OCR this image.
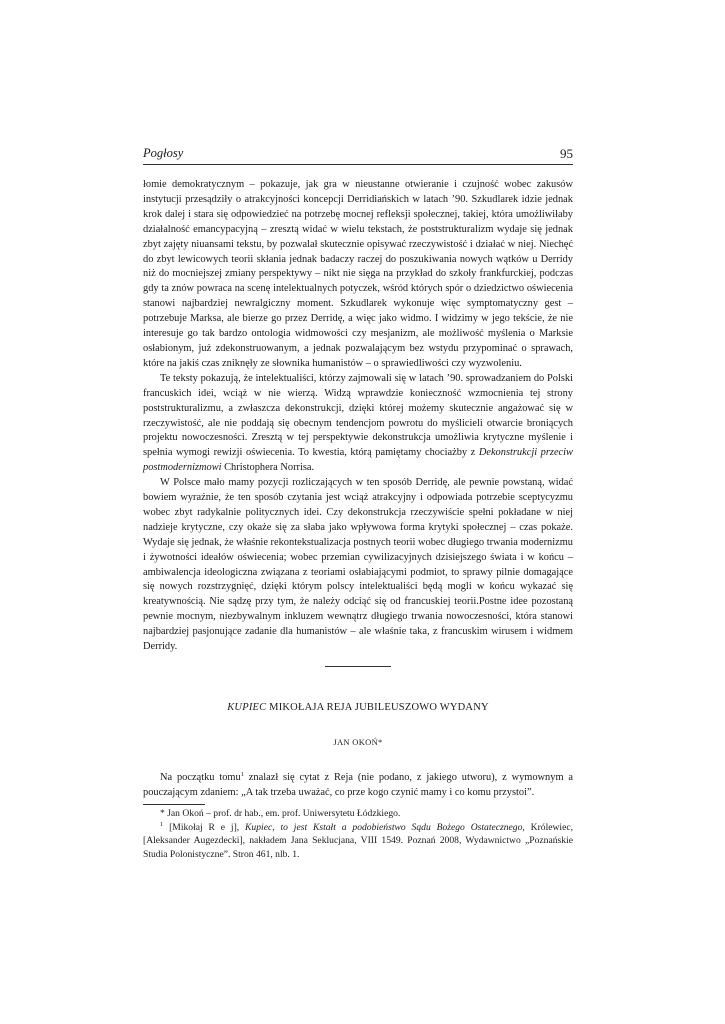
Pogłosy	95

łomie demokratycznym – pokazuje, jak gra w nieustanne otwieranie i czujność wobec zakusów instytucji przesądziły o atrakcyjności koncepcji Derridiańskich w latach ’90. Szkudlarek idzie jednak krok dalej i stara się odpowiedzieć na potrzebę mocnej refleksji społecznej, takiej, która umożliwiłaby działalność emancypacyjną – zresztą widać w wielu tekstach, że poststrukturalizm wydaje się jednak zbyt zajęty niuansami tekstu, by pozwalał skutecznie opisywać rzeczywistość i działać w niej. Niechęć do zbyt lewicowych teorii skłania jednak badaczy raczej do poszukiwania nowych wątków u Derridy niż do mocniejszej zmiany perspektywy – nikt nie sięga na przykład do szkoły frankfurckiej, podczas gdy ta znów powraca na scenę intelektualnych potyczek, wśród których spór o dziedzictwo oświecenia stanowi najbardziej newralgiczny moment. Szkudlarek wykonuje więc symptomatyczny gest – potrzebuje Marksa, ale bierze go przez Derridę, a więc jako widmo. I widzimy w jego tekście, że nie interesuje go tak bardzo ontologia widmowości czy mesjanizm, ale możliwość myślenia o Marksie osłabionym, już zdekonstruowanym, a jednak pozwalającym bez wstydu przypominać o sprawach, które na jakiś czas zniknęły ze słownika humanistów – o sprawiedliwości czy wyzwoleniu.

Te teksty pokazują, że intelektualiści, którzy zajmowali się w latach ’90. sprowadzaniem do Polski francuskich idei, wciąż w nie wierzą. Widzą wprawdzie konieczność wzmocnienia tej strony poststrukturalizmu, a zwłaszcza dekonstrukcji, dzięki której możemy skutecznie angażować się w rzeczywistość, ale nie poddają się obecnym tendencjom powrotu do myślicieli otwarcie broniących projektu nowoczesności. Zresztą w tej perspektywie dekonstrukcja umożliwia krytyczne myślenie i spełnia wymogi rewizji oświecenia. To kwestia, którą pamiętamy chociażby z Dekonstrukcji przeciw postmodernizmowi Christophera Norrisa.

W Polsce mało mamy pozycji rozliczających w ten sposób Derridę, ale pewnie powstaną, widać bowiem wyraźnie, że ten sposób czytania jest wciąż atrakcyjny i odpowiada potrzebie sceptycyzmu wobec zbyt radykalnie politycznych idei. Czy dekonstrukcja rzeczywiście spełni pokładane w niej nadzieje krytyczne, czy okaże się za słaba jako wpływowa forma krytyki społecznej – czas pokaże. Wydaje się jednak, że właśnie rekontekstualizacja postnych teorii wobec długiego trwania modernizmu i żywotności ideałów oświecenia; wobec przemian cywilizacyjnych dzisiejszego świata i w końcu – ambiwalencja ideologiczna związana z teoriami osłabiającymi podmiot, to sprawy pilnie domagające się nowych rozstrzygnięć, dzięki którym polscy intelektualiści będą mogli w końcu wykazać się kreatywnością. Nie sądzę przy tym, że należy odciąć się od francuskiej teorii.Postne idee pozostaną pewnie mocnym, niezbywalnym inkluzem wewnątrz długiego trwania nowoczesności, która stanowi najbardziej pasjonujące zadanie dla humanistów – ale właśnie taka, z francuskim wirusem i widmem Derridy.

KUPIEC MIKOŁAJA REJA JUBILEUSZOWO WYDANY
JAN OKOŃ*

Na początku tomu$^1$ znalazł się cytat z Reja (nie podano, z jakiego utworu), z wymownym a pouczającym zdaniem: „A tak trzeba uważać, co prze kogo czynić mamy i co komu przystoi”.

* Jan Okoń – prof. dr hab., em. prof. Uniwersytetu Łódzkiego.

$^1$ [Mikołaj R e j], Kupiec, to jest Kstałt a podobieństwo Sądu Bożego Ostatecznego, Królewiec, [Aleksander Augezdecki], nakładem Jana Seklucjana, VIII 1549. Poznań 2008, Wydawnictwo „Poznańskie Studia Polonistyczne”. Stron 461, nlb. 1.
